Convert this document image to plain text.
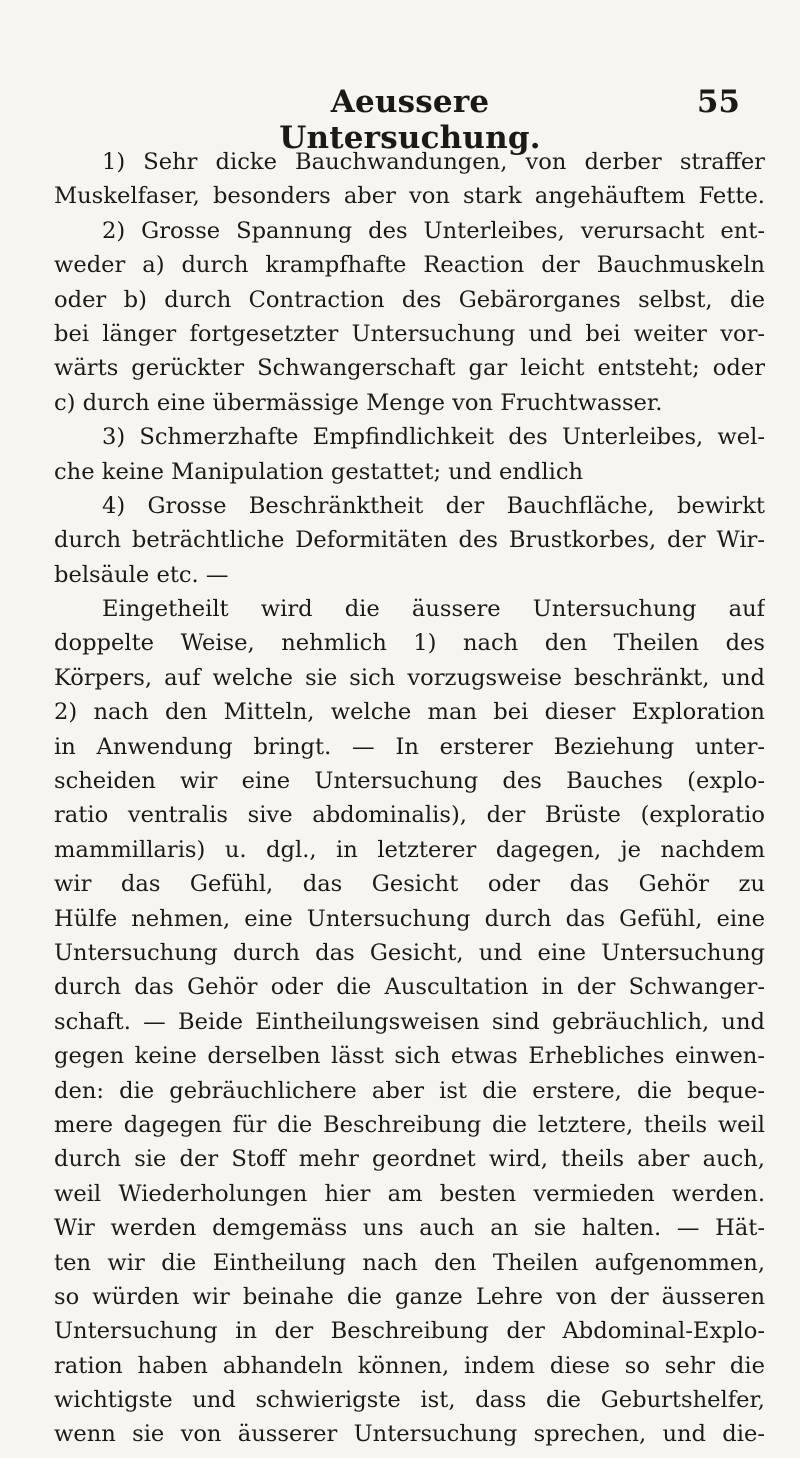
Aeussere Untersuchung.
55
1) Sehr dicke Bauchwandungen, von derber straffer
Muskelfaser, besonders aber von stark angehäuftem Fette.
2) Grosse Spannung des Unterleibes, verursacht ent-
weder a) durch krampfhafte Reaction der Bauchmuskeln
oder b) durch Contraction des Gebärorganes selbst, die
bei länger fortgesetzter Untersuchung und bei weiter vor-
wärts gerückter Schwangerschaft gar leicht entsteht; oder
c) durch eine übermässige Menge von Fruchtwasser.
3) Schmerzhafte Empfindlichkeit des Unterleibes, wel-
che keine Manipulation gestattet; und endlich
4) Grosse Beschränktheit der Bauchfläche, bewirkt
durch beträchtliche Deformitäten des Brustkorbes, der Wir-
belsäule etc. —
Eingetheilt wird die äussere Untersuchung auf
doppelte Weise, nehmlich 1) nach den Theilen des
Körpers, auf welche sie sich vorzugsweise beschränkt, und
2) nach den Mitteln, welche man bei dieser Exploration
in Anwendung bringt. — In ersterer Beziehung unter-
scheiden wir eine Untersuchung des Bauches (explo-
ratio ventralis sive abdominalis), der Brüste (exploratio
mammillaris) u. dgl., in letzterer dagegen, je nachdem
wir das Gefühl, das Gesicht oder das Gehör zu
Hülfe nehmen, eine Untersuchung durch das Gefühl, eine
Untersuchung durch das Gesicht, und eine Untersuchung
durch das Gehör oder die Auscultation in der Schwanger-
schaft. — Beide Eintheilungsweisen sind gebräuchlich, und
gegen keine derselben lässt sich etwas Erhebliches einwen-
den: die gebräuchlichere aber ist die erstere, die beque-
mere dagegen für die Beschreibung die letztere, theils weil
durch sie der Stoff mehr geordnet wird, theils aber auch,
weil Wiederholungen hier am besten vermieden werden.
Wir werden demgemäss uns auch an sie halten. — Hät-
ten wir die Eintheilung nach den Theilen aufgenommen,
so würden wir beinahe die ganze Lehre von der äusseren
Untersuchung in der Beschreibung der Abdominal-Explo-
ration haben abhandeln können, indem diese so sehr die
wichtigste und schwierigste ist, dass die Geburtshelfer,
wenn sie von äusserer Untersuchung sprechen, und die-
